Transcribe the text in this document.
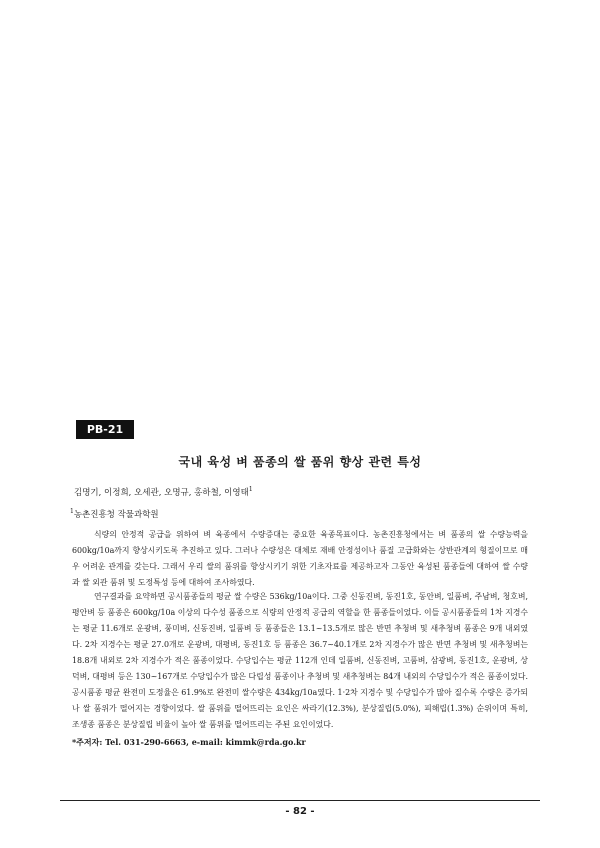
PB-21
국내 육성 벼 품종의 쌀 품위 향상 관련 특성
김명기, 이정희, 오세관, 오명규, 홍하철, 이영태$^1$
$^1$농촌진흥청 작물과학원

식량의 안정적 공급을 위하여 벼 육종에서 수량증대는 중요한 육종목표이다. 농촌진흥청에서는 벼 품종의 쌀 수량능력을 600kg/10a까지 향상시키도록 추진하고 있다. 그러나 수량성은 대체로 재배 안정성이나 품질 고급화와는 상반관계의 형질이므로 매우 어려운 관계를 갖는다. 그래서 우리 쌀의 품위를 향상시키기 위한 기초자료를 제공하고자 그동안 육성된 품종들에 대하여 쌀 수량과 쌀 외관 품위 및 도정특성 등에 대하여 조사하였다.

연구결과를 요약하면 공시품종들의 평균 쌀 수량은 536kg/10a이다. 그중 신동진벼, 동진1호, 동안벼, 일품벼, 주남벼, 청호벼, 평안벼 등 품종은 600kg/10a 이상의 다수성 품종으로 식량의 안정적 공급의 역할을 한 품종들이었다. 이들 공시품종들의 1차 지경수는 평균 11.6개로 운광벼, 풍미벼, 신동진벼, 일품벼 등 품종들은 13.1~13.5개로 많은 반면 추청벼 및 새추청벼 품종은 9개 내외였다. 2차 지경수는 평균 27.0개로 운광벼, 대평벼, 동진1호 등 품종은 36.7~40.1개로 2차 지경수가 많은 반면 추청벼 및 새추청벼는 18.8개 내외로 2차 지경수가 적은 품종이었다. 수당입수는 평균 112개 인데 일품벼, 신동진벼, 고품벼, 삼광벼, 동진1호, 운광벼, 상덕벼, 대평벼 등은 130~167개로 수당입수가 많은 다립성 품종이나 추청벼 및 새추청벼는 84개 내외의 수당입수가 적은 품종이었다. 공시품종 평균 완전미 도정율은 61.9%로 완전미 쌀수량은 434kg/10a였다. 1·2차 지경수 및 수당입수가 많아 질수록 수량은 증가되나 쌀 품위가 떨어지는 경향이었다. 쌀 품위를 떨어뜨리는 요인은 싸라기(12.3%), 분상질립(5.0%), 피해립(1.3%) 순위이며 특히, 조생종 품종은 분상질립 비율이 높아 쌀 품위를 떨어뜨리는 주된 요인이었다.

*주저자: Tel. 031-290-6663, e-mail: kimmk@rda.go.kr
- 82 -
